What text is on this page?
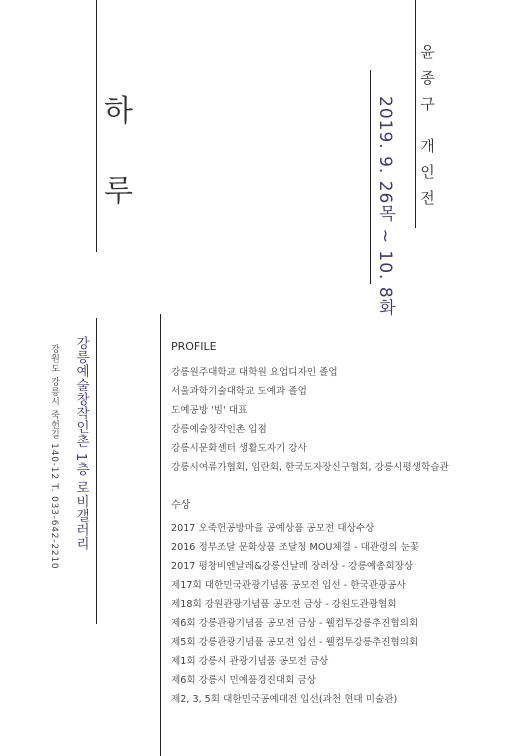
하
루	윤종구 개인전
2019. 9. 26목 ~ 10. 8화
강릉예술창작인촌 1층 로비갤러리
강원도 강릉시 죽헌길 140-12 T. 033-642-2210	PROFILE
강릉원주대학교 대학원 요업디자인 졸업
서울과학기술대학교 도예과 졸업
도예공방 '빔' 대표
강릉예술창작인촌 입점
강릉시문화센터 생활도자기 강사
강릉시여류가협회, 임란회, 한국도자장신구협회, 강릉시평생학습관
수상
2017 오죽헌공방마을 공예상품 공모전 대상수상
2016 정부조달 문화상품 조달청 MOU체결 - 대관령의 눈꽃
2017 평창비엔날레&강릉신날레 장려상 - 강릉예총회장상
제17회 대한민국관광기념품 공모전 입선 - 한국관광공사
제18회 강원관광기념품 공모전 금상 - 강원도관광협회
제6회 강릉관광기념품 공모전 금상 - 웰컴투강릉추진협의회
제5회 강릉관광기념품 공모전 입선 - 웰컴투강릉추진협의회
제1회 강릉시 관광기념품 공모전 금상
제6회 강릉시 민예품경진대회 금상
제2, 3, 5회 대한민국공예대전 입선(과천 현대 미술관)
